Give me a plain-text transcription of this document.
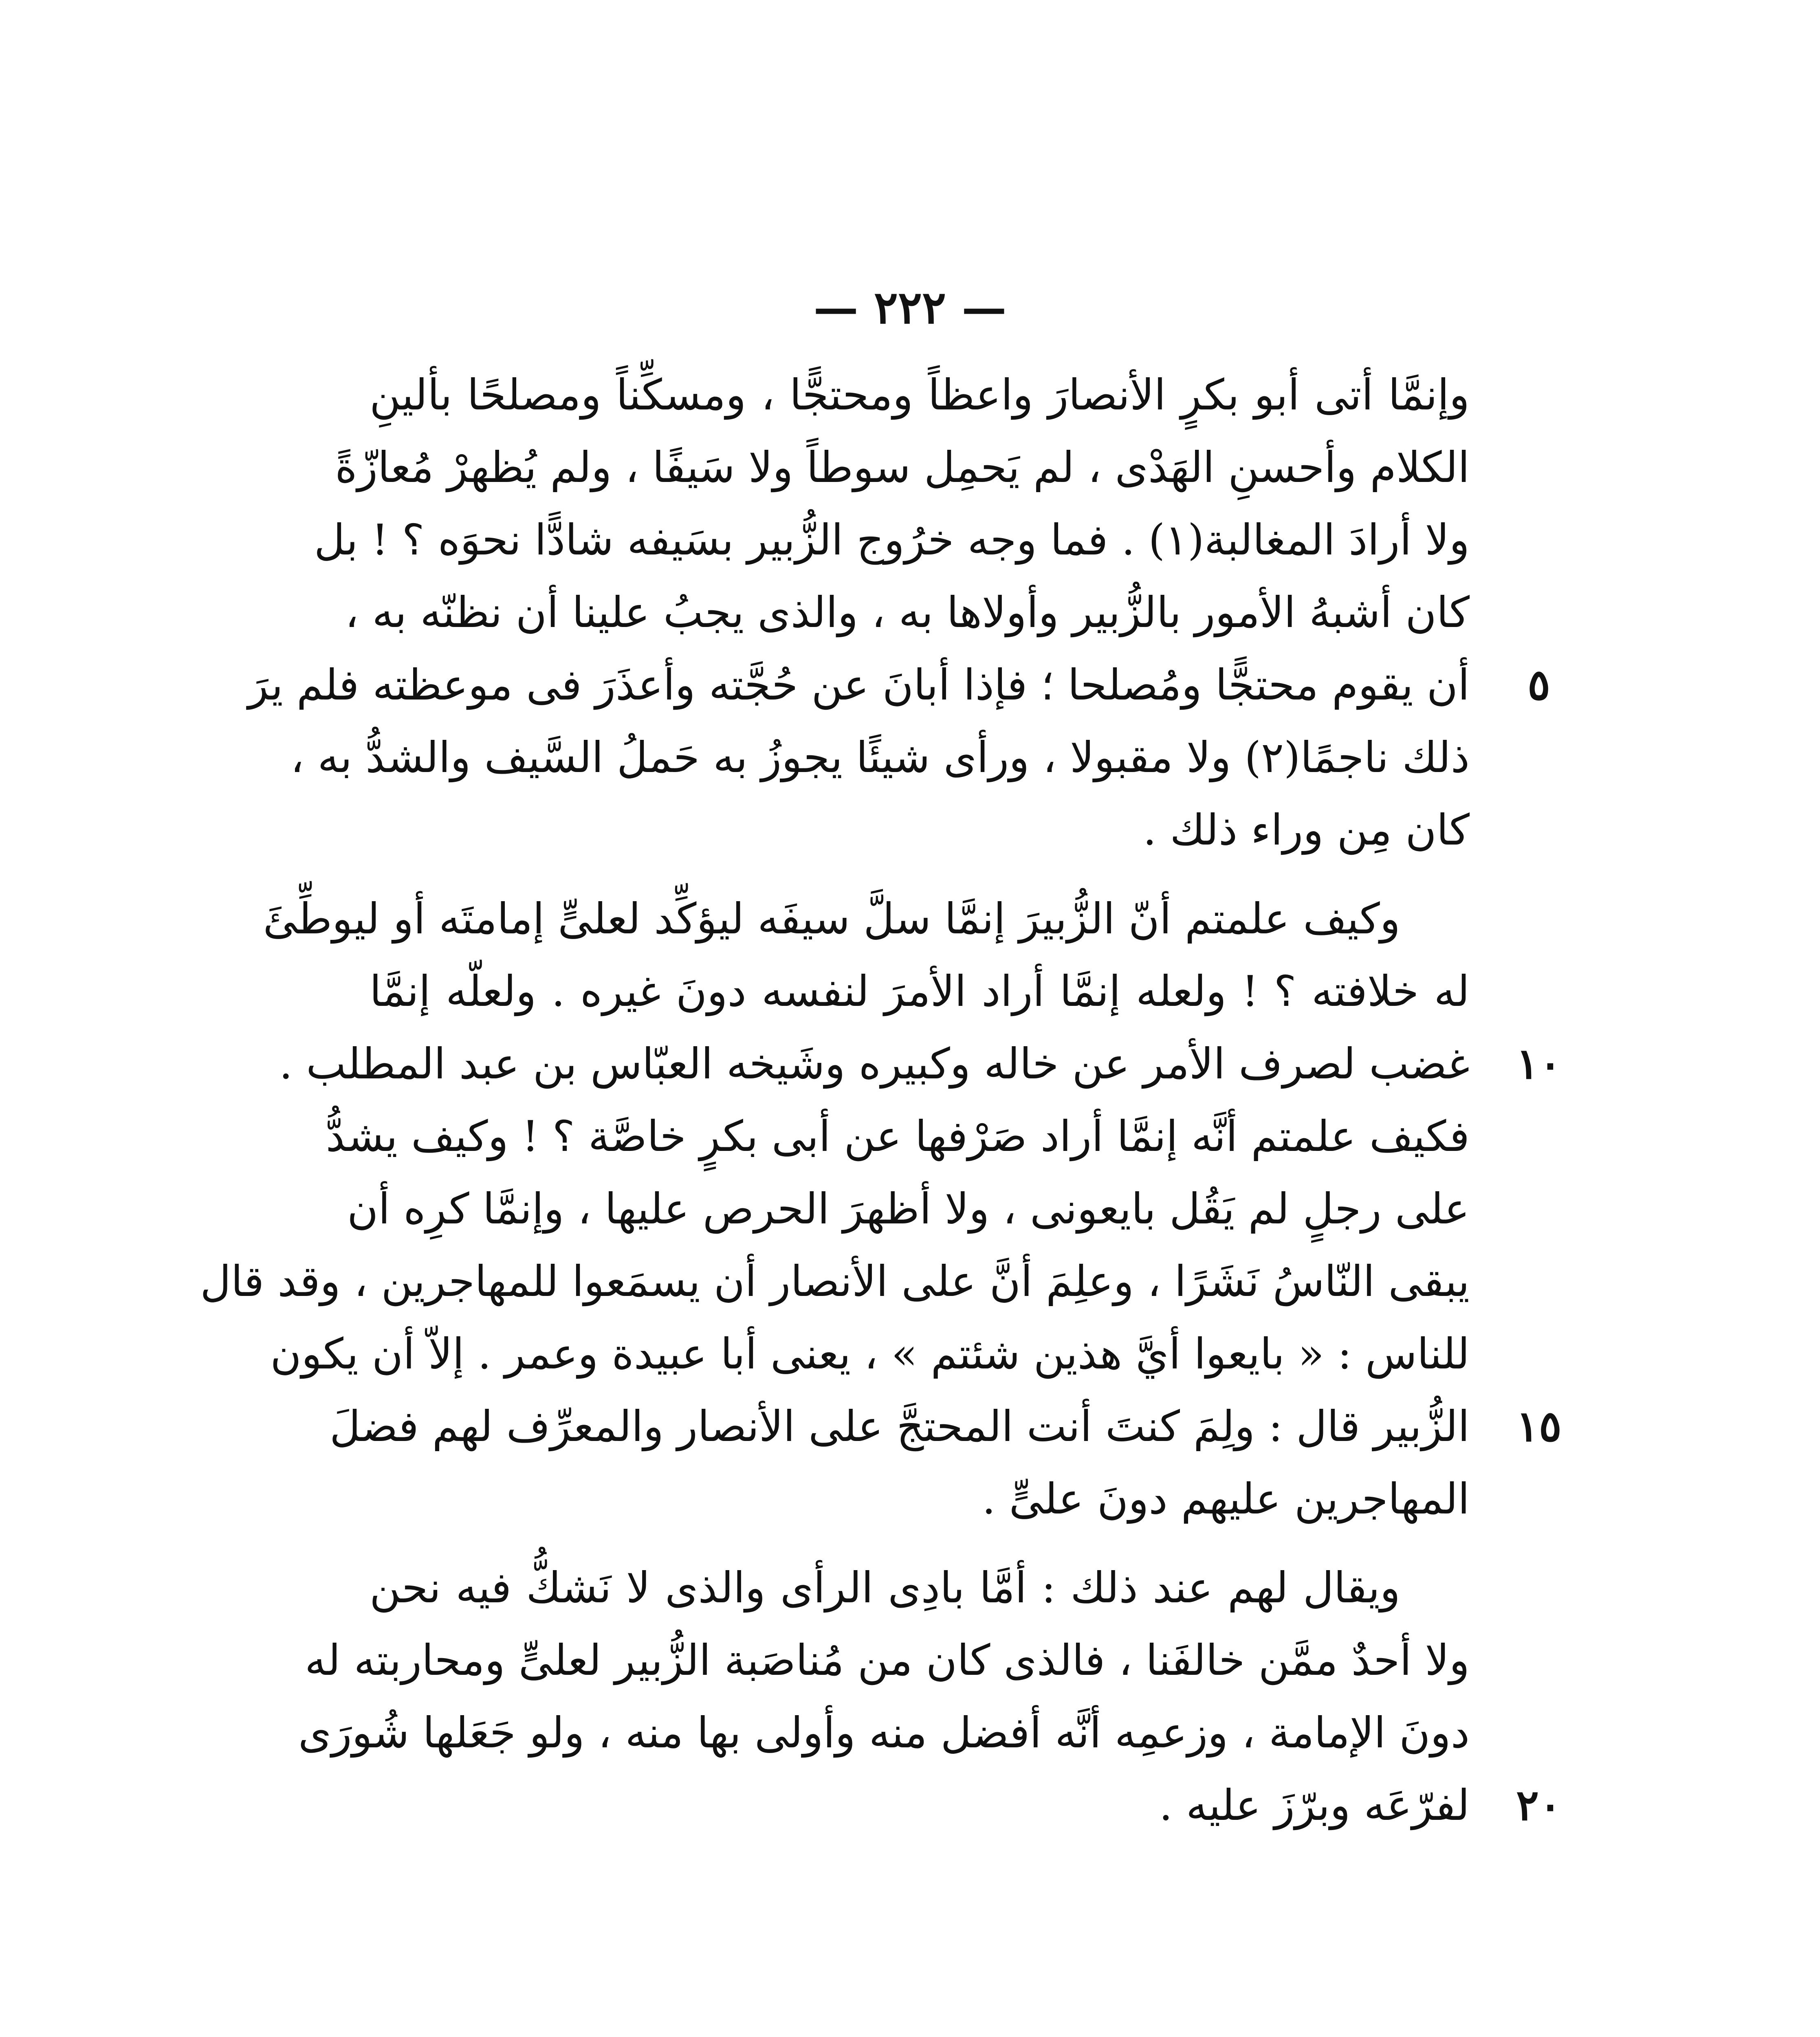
— ٢٢٢ —
وإنمَّا أتى أبو بكرٍ الأنصارَ واعظاً ومحتجًّا ، ومسكِّناً ومصلحًا بألينِ
الكلام وأحسنِ الهَدْى ، لم يَحمِل سوطاً ولا سَيفًا ، ولم يُظهرْ مُعازّةً
ولا أرادَ المغالبة(١) . فما وجه خرُوج الزُّبير بسَيفه شادًّا نحوَه ؟ ! بل
كان أشبهُ الأمور بالزُّبير وأولاها به ، والذى يجبُ علينا أن نظنّه به ،
أن يقوم محتجًّا ومُصلحا ؛ فإذا أبانَ عن حُجَّته وأعذَرَ فى موعظته فلم يرَ	٥
ذلك ناجمًا(٢) ولا مقبولا ، ورأى شيئًا يجوزُ به حَملُ السَّيف والشدُّ به ،
كان مِن وراء ذلك .
وكيف علمتم أنّ الزُّبيرَ إنمَّا سلَّ سيفَه ليؤكِّد لعلىٍّ إمامتَه أو ليوطِّئَ
له خلافته ؟ ! ولعله إنمَّا أراد الأمرَ لنفسه دونَ غيره . ولعلّه إنمَّا
غضب لصرف الأمر عن خاله وكبيره وشَيخه العبّاس بن عبد المطلب .	١٠
فكيف علمتم أنَّه إنمَّا أراد صَرْفها عن أبى بكرٍ خاصَّة ؟ ! وكيف يشدُّ
على رجلٍ لم يَقُل بايعونى ، ولا أظهرَ الحرص عليها ، وإنمَّا كرِه أن
يبقى النّاسُ نَشَرًا ، وعلِمَ أنَّ على الأنصار أن يسمَعوا للمهاجرين ، وقد قال
للناس : « بايعوا أيَّ هذين شئتم » ، يعنى أبا عبيدة وعمر . إلاّ أن يكون
الزُّبير قال : ولِمَ كنتَ أنت المحتجَّ على الأنصار والمعرِّف لهم فضلَ	١٥
المهاجرين عليهم دونَ علىٍّ .
ويقال لهم عند ذلك : أمَّا بادِى الرأى والذى لا نَشكُّ فيه نحن
ولا أحدٌ ممَّن خالفَنا ، فالذى كان من مُناصَبة الزُّبير لعلىٍّ ومحاربته له
دونَ الإمامة ، وزعمِه أنَّه أفضل منه وأولى بها منه ، ولو جَعَلها شُورَى
لفرّعَه وبرّزَ عليه .	٢٠
